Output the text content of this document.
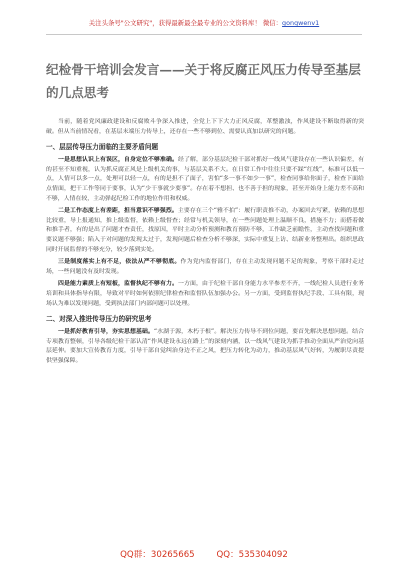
关注头条号"公文研究"，获得最新最全最专业的公文资料库！ 微信：gongwenv1
纪检骨干培训会发言——关于将反腐正风压力传导至基层的几点思考

当前，随着党风廉政建设和反腐败斗争深入推进，全党上下下大力正风反腐，革整激浊，作风建设不断取得新的突破。但从当前情况看，在基层末端压力传导上，还存在一些不够到位、需要认真加以研究的问题。

一、层层传导压力面临的主要矛盾问题

一是思想认识上有误区，自身定位不够准确。经了解，部分基层纪检干部对抓好一线风气建设存在一些认识偏差，有的甚至不知重视，认为抓反腐正风是上级机关的事，与基层关系不大。在日常工作中往往只要不踩“红线”，标准可以低一点，人情可以多一点，处理可以轻一点，有的是担不了面子，害怕“多一事不如少一事”，检查同事给你面子，检查下面给点情面，把干工作等同于要事，认为“少干事就少要事”。存在着不想担、也不善于担的现象，甚至开始身上能力差不高和不够，人情在较，主动弹起纪检工作的地位作用和权威。

二是工作态度上有差距，担当意识不够强烈。主要存在三个“雅不拍”：履行职责推不动，办案回去写紧，依赖的思想比较重，导上报通知，推上级监督，依赖上级督查；经常与机关领导，在一些问题处理上温顺不良，措施不力；而搭着做和推手者，有的是出了问题才查责任，找原因，平时主动分析预测和教育预防不够，工作缺乏前瞻性，主动查找问题和重要议题不够强；陷入于对问题的发现太过于，发现问题后检查分析不够深，实际中重复上访、结新业务整理出。组织思政同时开展监督的不够充分，较少落到实处。

三是制度落实上有不足，依法从严不够彻底。作为党内监督部门，存在主动发现问题不足的现象，考察干部时走过场，一些问题没有及时发现。

四是能力素质上有短板，监督执纪不够有力。一方面，由于纪检干部自身能力水平参差不齐，一线纪检人员进行业务培训和具体指导有限，导致对平时如何依照纪律检查和监督队伍加强办公。另一方面，受到监督执纪手段、工具有限，现场认为难以发现问题，受到执法部门内部问题可以处理。

二、对深入推进传导压力的研究思考

一是抓好教育引导，夯实思想基础。“水湖于源，木朽于根”。解决压力传导不到位问题，要首先解决思想问题。结合专项教育整顿，引导各级纪检干部认清“作风建设永远在路上”的深刻内涵，以一线风气建设为抓手推动全面从严治党向基层延伸。要加大宣传教育力度，引导干部自觉纠治身边不正之风，把压力转化为动力，推动基层风气好转，为履职尽责提供坚强保障。

QQ群：30265665        QQ：535304092
